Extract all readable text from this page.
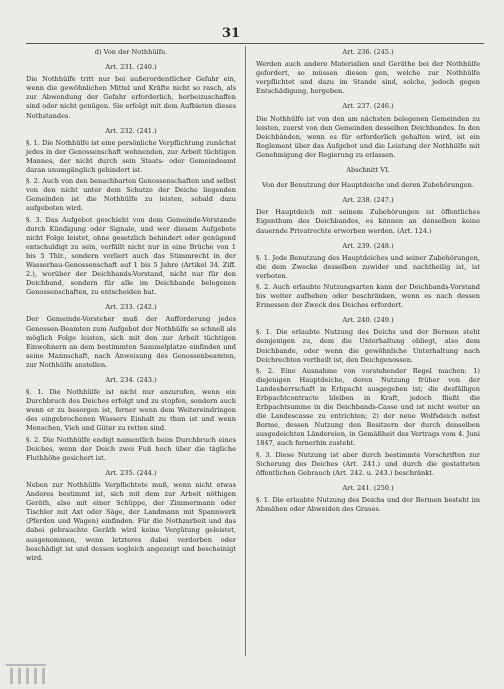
31
d) Von der Nothhülfe.
Art. 231. (240.)
Die Nothhülfe tritt nur bei außerordentlicher Gefahr ein, wenn die gewöhnlichen Mittel und Kräfte nicht so rasch, als zur Abwendung der Gefahr erforderlich, herbeizuschaffen sind oder nicht genügen. Sie erfolgt mit dem Aufbieten dieses Nothstandes.
Art. 232. (241.)
§. 1. Die Nothhülfe ist eine persönliche Verpflichtung zunächst jedes in der Genossenschaft wohnenden, zur Arbeit tüchtigen Mannes, der nicht durch sein Staats- oder Gemeindeamt daran unumgänglich gehindert ist.
§. 2. Auch von den benachbarten Genossenschaften und selbst von den nicht unter dem Schutze der Deiche liegenden Gemeinden ist die Nothhülfe zu leisten, sobald dazu aufgeboten wird.
§. 3. Das Aufgebot geschieht von dem Gemeinde-Vorstande durch Kündigung oder Signale, und wer diesem Aufgebote nicht Folge leistet, ohne gesetzlich behindert oder genügend entschuldigt zu sein, verfällt nicht nur in eine Brüche von 1 bis 5 Thlr., sondern verliert auch das Stimmrecht in der Wasserbau-Genossenschaft auf 1 bis 5 Jahre (Artikel 34. Ziff. 2.), worüber der Deichbands-Vorstand, nicht nur für den Deichband, sondern für alle im Deichbande belegenen Genossenschaften, zu entscheiden hat.
Art. 233. (242.)
Der Gemeinde-Vorsteher muß der Aufforderung jedes Genossen-Beamten zum Aufgebot der Nothhülfe so schnell als möglich Folge leisten, sich mit den zur Arbeit tüchtigen Einwohnern an dem bestimmten Sammelplatze einfinden und seine Mannschaft, nach Anweisung des Genossenbeamten, zur Nothhülfe anstellen.
Art. 234. (243.)
§. 1. Die Nothhülfe ist nicht nur anzurufen, wenn ein Durchbruch des Deiches erfolgt und zu stopfen, sondern auch wenn er zu besorgen ist, ferner wenn dem Weitereindringen des eingebrochenen Wassers Einhalt zu thun ist und wenn Menschen, Vieh und Güter zu retten sind.
§. 2. Die Nothhülfe endigt namentlich beim Durchbruch eines Deiches, wenn der Deich zwei Fuß hoch über die tägliche Fluthhöhe gesichert ist.
Art. 235. (244.)
Neben zur Nothhülfe Verpflichtete muß, wenn nicht etwas Anderes bestimmt ist, sich mit dem zur Arbeit nöthigen Geräth, also mit einer Schüppe, der Zimmermann oder Tischler mit Axt oder Säge, der Landmann mit Spannwerk (Pferden und Wagen) einfinden. Für die Nothzarbeit und das dabei gebrauchte Geräth wird keine Vergütung geleistet, ausgenommen, wenn letzteres dabei verdorben oder beschädigt ist und dessen sogleich angezeigt und bescheinigt wird.
Art. 236. (245.)
Werden auch andere Materialien und Geräthe bei der Nothhülfe gefordert, so müssen diesen gen, welche zur Nothhülfe verpflichtet und dazu im Stande sind, solche, jedoch gegen Entschädigung, hergeben.
Art. 237. (246.)
Die Nothhülfe ist von den am nächsten belegenen Gemeinden zu leisten, zuerst von den Gemeinden desselben Deichbandes. In den Deichbänden, wenn es für erforderlich gehalten wird, ist ein Reglement über das Aufgebot und die Leistung der Nothhülfe mit Genehmigung der Regierung zu erlassen.
Abschnitt VI.
Von der Benutzung der Hauptdeiche und deren Zubehörungen.
Art. 238. (247.)
Der Hauptdeich mit seinem Zubehörungen ist öffentliches Eigenthum des Deichbandes, es können an denselben keine dauernde Privatrechte erworben werden. (Art. 124.)
Art. 239. (248.)
§. 1. Jede Benutzung des Hauptdeiches und seiner Zubehörungen, die dem Zwecke desselben zuwider und nachtheilig ist, ist verboten.
§. 2. Auch erlaubte Nutzungsarten kann der Deichbands-Vorstand bis weiter aufheben oder beschränken, wenn es nach dessen Ermessen der Zweck des Deiches erfordert.
Art. 240. (249.)
§. 1. Die erlaubte Nutzung des Deichs und der Bermen steht demjenigen zu, dem die Unterhaltung obliegt, also dem Deichbande, oder wenn die gewöhnliche Unterhaltung nach Deichrechten vertheilt ist, den Deichgenossen.
§. 2. Eine Ausnahme von vorstehender Regel machen: 1) diejenigen Hauptdeiche, deren Nutzung früher von der Landesherrschaft in Erbpacht ausgegeben ist; die desfälligen Erbpachtcontracte bleiben in Kraft, jedoch fließt die Erbpachtsumme in die Deichbands-Casse und ist nicht weiter an die Landescasse zu entrichten; 2) der neue Wolfsdeich nebst Berme, dessen Nutzung den Besitzern der durch denselben ausgedeichten Ländereien, in Gemäßheit des Vertrags vom 4. Juni 1847, auch fernerhin zusteht.
§. 3. Diese Nutzung ist aber durch bestimmte Vorschriften zur Sicherung des Deiches (Art. 241.) und durch die gestatteten öffentlichen Gebrauch (Art. 242. u. 243.) beschränkt.
Art. 241. (250.)
§. 1. Die erlaubte Nutzung des Deichs und der Bermen besteht im Abmähen oder Abweiden des Grases.
